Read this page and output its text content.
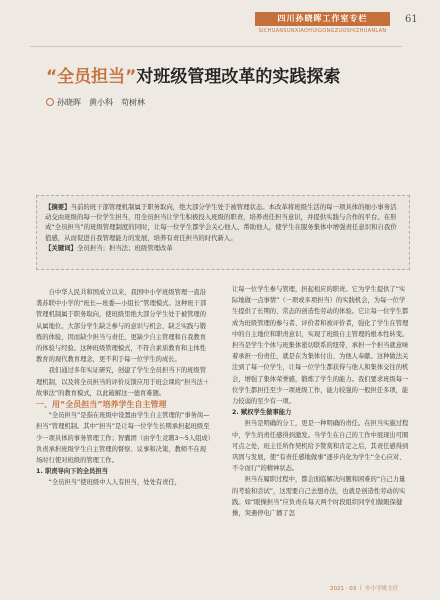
四川孙晓晖工作室专栏
SICHUANSUNXIAOHUIGONGZUOSHIZHUANLAN
61
“全员担当”对班级管理改革的实践探索
孙晓晖　黄小科　苟树林
【摘要】当前的班干部管理机制属于职务取向，绝大部分学生处于被管理状态。本改革将班级生活的每一项具体的细小事务活动交由班级的每一位学生担当，用全员担当让学生积极投入班级的职责，培养责任担当意识，并提供实践与合作的平台。在形成“全员担当”的班级管理制度的同时，让每一位学生都学会关心他人、帮助他人，使学生在服务集体中增强责任意识和自我价值感，从而促进自我管理能力的发展，培养有责任担当的时代新人。
【关键词】全员担当；担当法；班级管理改革

自中华人民共和国成立以来，我国中小学班级管理一直沿袭苏联中小学的“班长—班委—小组长”管理模式。这种班干部管理机制属于职务取向，使班级里绝大部分学生处于被管理的从属地位。大部分学生缺乏参与的意识与机会，缺乏实践与锻炼的体验，因而缺少担当与责任，更缺少自主管理和自我教育的体验与经验。这种班级管理模式，不符合素质教育和主体性教育的现代教育理念，更不利于每一位学生的成长。

我们通过多年实证研究，创建了学生全员担当下的班级管理机制，以及将全员担当的评价反馈应用于班会课的“担当法＋故事法”的教育模式，以此破解这一德育难题。

一、用“全员担当”培养学生自主管理

“全员担当”是指在班级中设置由学生自主管理的“事务岗—担当”管理机制。其中“担当”是让每一位学生长期承担起班级至少一项具体的事务管理工作；智囊团（由学生竞聘3～5人组成）负责承担班级学生自主管理的督察、议事和决策，教师不在现场时行使对班级的管理工作。

1. 职责导向下的全员担当

“全员担当”使班级中人人有担当，处处有责任，

让每一位学生参与管理，担起相应的职责。它为学生提供了“实际地做一点事情”（一项或多项担当）的实践机会，为每一位学生提供了长期的、常态的创造性劳动的体验。它让每一位学生都成为班级管理的参与者、评价者和被评价者，强化了学生在管理中的自主地位和职责意识，实现了班级自主管理的根本性转变。担当是学生个体与班集体密切联系的纽带，承担一个担当就意味着承担一份责任，就是在为集体付出、为他人奉献。这种做法关注到了每一位学生，让每一位学生都获得与他人和集体交往的机会，增强了集体荣誉感，锻炼了学生的能力。我们要求班级每一位学生都担任至少一项班级工作，能力较强的一般担任多项，能力较弱的至少有一项。

2. 赋权学生做事能力

担当是明确的分工，更是一种明确的责任。在担当实施过程中，学生的责任感得到激发。当学生在自己的工作中展现出可圈可点之处，班主任所作契机给予赞赏和肯定之后，其责任感得到巩固与发展，使“有责任感地做事”逐步内化为学生“全心应对、不令而行”的精神状态。

担当在履职过程中，都会面临解决问题和困难的“自己力量的考验和尝试”，这需要自己去想办法，也就是创造性劳动的实践。如“眼操担当”应负责在每天两个时段组织同学们做眼保健操，突遇停电广播了怎

2021 · 03 丨 中小学班主任
